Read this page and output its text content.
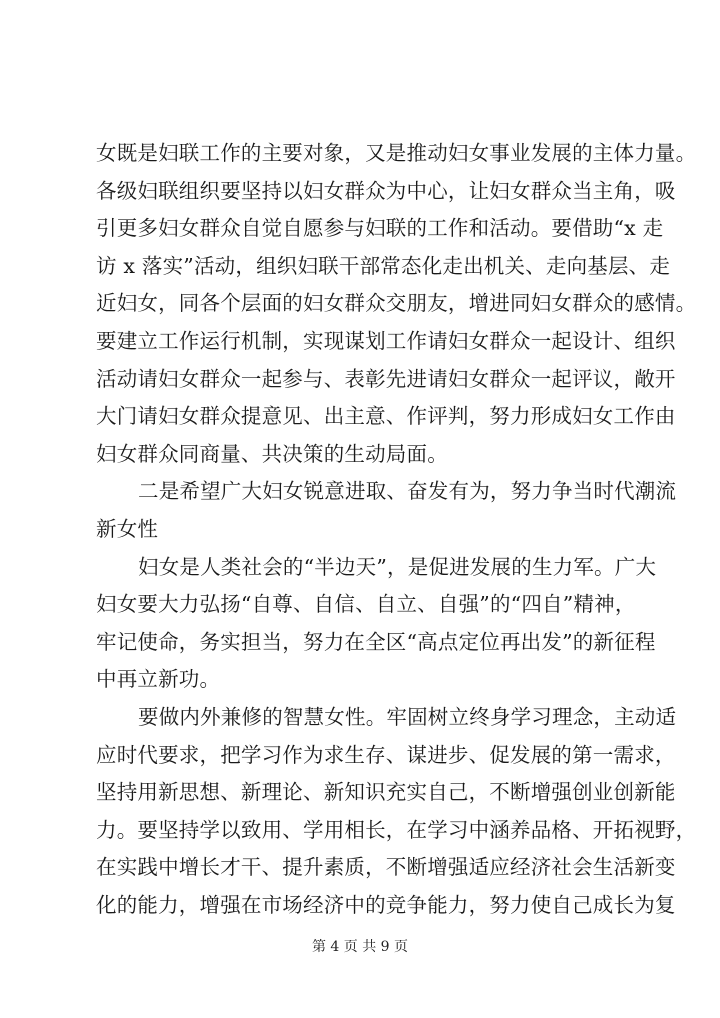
女既是妇联工作的主要对象，又是推动妇女事业发展的主体力量。
各级妇联组织要坚持以妇女群众为中心，让妇女群众当主角，吸
引更多妇女群众自觉自愿参与妇联的工作和活动。要借助“x 走
访 x 落实”活动，组织妇联干部常态化走出机关、走向基层、走
近妇女，同各个层面的妇女群众交朋友，增进同妇女群众的感情。
要建立工作运行机制，实现谋划工作请妇女群众一起设计、组织
活动请妇女群众一起参与、表彰先进请妇女群众一起评议，敞开
大门请妇女群众提意见、出主意、作评判，努力形成妇女工作由
妇女群众同商量、共决策的生动局面。
二是希望广大妇女锐意进取、奋发有为，努力争当时代潮流
新女性
妇女是人类社会的“半边天”，是促进发展的生力军。广大
妇女要大力弘扬“自尊、自信、自立、自强”的“四自”精神，
牢记使命，务实担当，努力在全区“高点定位再出发”的新征程
中再立新功。
要做内外兼修的智慧女性。牢固树立终身学习理念，主动适
应时代要求，把学习作为求生存、谋进步、促发展的第一需求，
坚持用新思想、新理论、新知识充实自己，不断增强创业创新能
力。要坚持学以致用、学用相长，在学习中涵养品格、开拓视野，
在实践中增长才干、提升素质，不断增强适应经济社会生活新变
化的能力，增强在市场经济中的竞争能力，努力使自己成长为复
第 4 页 共 9 页
